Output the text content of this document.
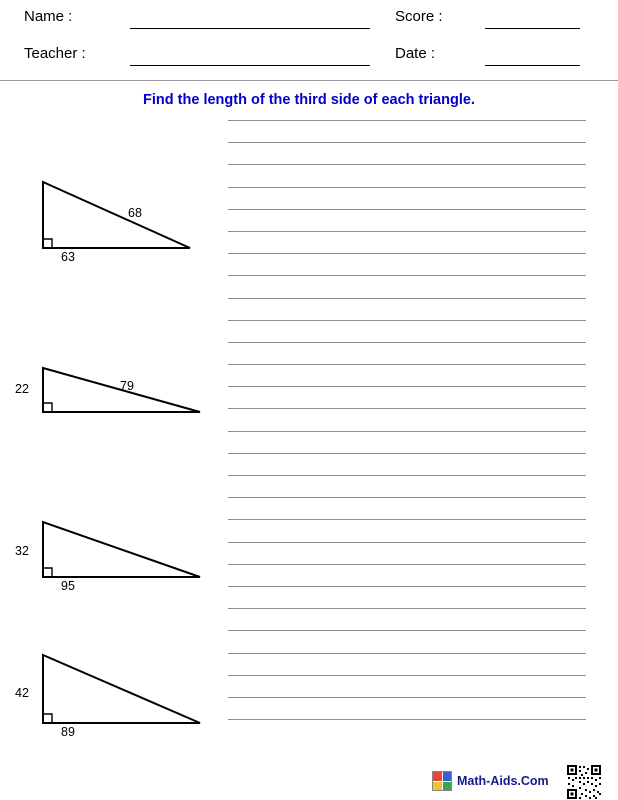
Name :
Teacher :
Score :
Date :
Find the length of the third side of each triangle.
68
63
22	79
32
95
42
89
Math-Aids.Com
